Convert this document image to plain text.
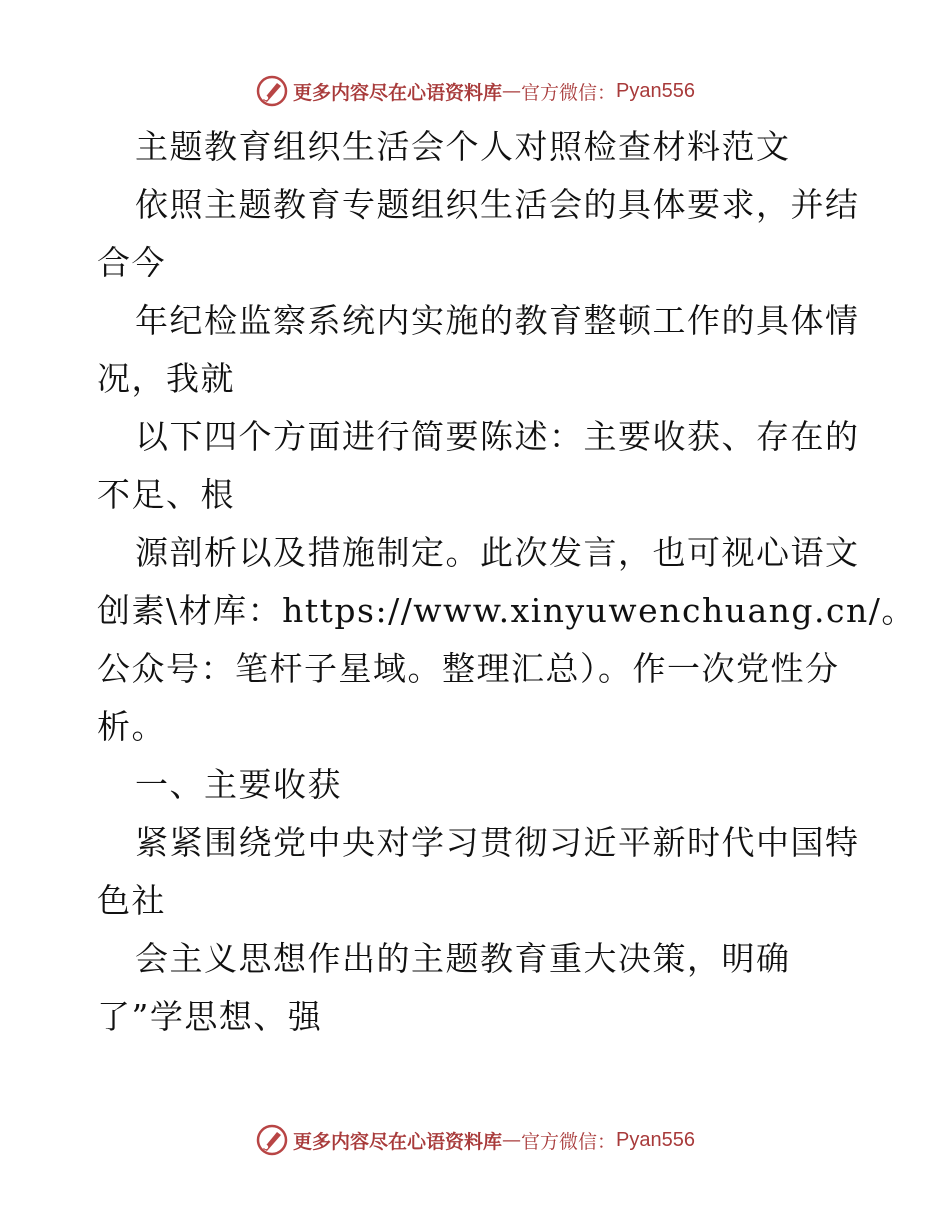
更多内容尽在心语资料库 — 官方微信： Pyan556
主题教育组织生活会个人对照检查材料范文
依照主题教育专题组织生活会的具体要求，并结
合今
年纪检监察系统内实施的教育整顿工作的具体情
况，我就
以下四个方面进行简要陈述：主要收获、存在的
不足、根
源剖析以及措施制定。此次发言，也可视心语文
创素\材库：https://www.xinyuwenchuang.cn/。
公众号：笔杆子星域。整理汇总）。作一次党性分
析。
一、主要收获
紧紧围绕党中央对学习贯彻习近平新时代中国特
色社
会主义思想作出的主题教育重大决策，明确
了”学思想、强
更多内容尽在心语资料库 — 官方微信： Pyan556
